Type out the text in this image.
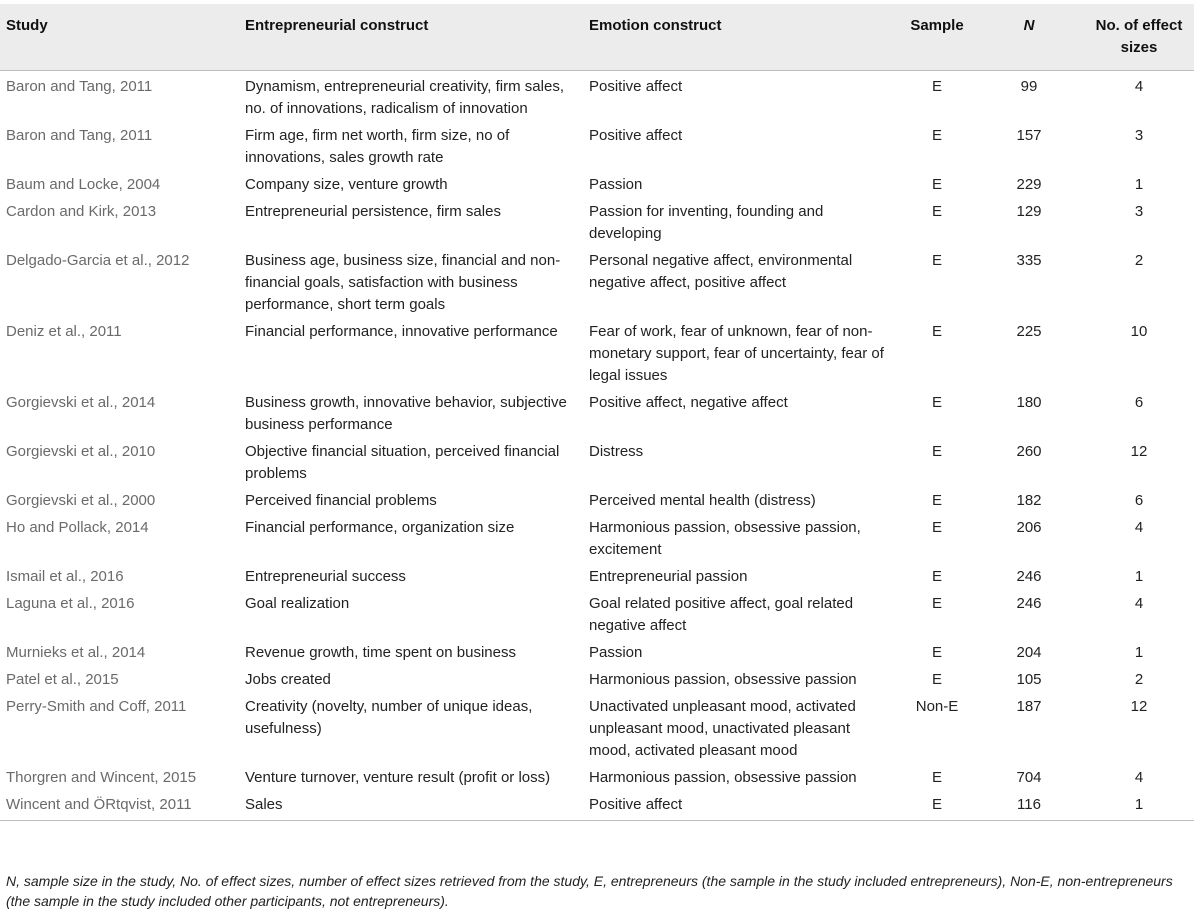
Study	Entrepreneurial construct	Emotion construct	Sample	N	No. of effect sizes
Baron and Tang, 2011	Dynamism, entrepreneurial creativity, firm sales, no. of innovations, radicalism of innovation	Positive affect	E	99	4
Baron and Tang, 2011	Firm age, firm net worth, firm size, no of innovations, sales growth rate	Positive affect	E	157	3
Baum and Locke, 2004	Company size, venture growth	Passion	E	229	1
Cardon and Kirk, 2013	Entrepreneurial persistence, firm sales	Passion for inventing, founding and developing	E	129	3
Delgado-Garcia et al., 2012	Business age, business size, financial and non-financial goals, satisfaction with business performance, short term goals	Personal negative affect, environmental negative affect, positive affect	E	335	2
Deniz et al., 2011	Financial performance, innovative performance	Fear of work, fear of unknown, fear of non-monetary support, fear of uncertainty, fear of legal issues	E	225	10
Gorgievski et al., 2014	Business growth, innovative behavior, subjective business performance	Positive affect, negative affect	E	180	6
Gorgievski et al., 2010	Objective financial situation, perceived financial problems	Distress	E	260	12
Gorgievski et al., 2000	Perceived financial problems	Perceived mental health (distress)	E	182	6
Ho and Pollack, 2014	Financial performance, organization size	Harmonious passion, obsessive passion, excitement	E	206	4
Ismail et al., 2016	Entrepreneurial success	Entrepreneurial passion	E	246	1
Laguna et al., 2016	Goal realization	Goal related positive affect, goal related negative affect	E	246	4
Murnieks et al., 2014	Revenue growth, time spent on business	Passion	E	204	1
Patel et al., 2015	Jobs created	Harmonious passion, obsessive passion	E	105	2
Perry-Smith and Coff, 2011	Creativity (novelty, number of unique ideas, usefulness)	Unactivated unpleasant mood, activated unpleasant mood, unactivated pleasant mood, activated pleasant mood	Non-E	187	12
Thorgren and Wincent, 2015	Venture turnover, venture result (profit or loss)	Harmonious passion, obsessive passion	E	704	4
Wincent and ÖRtqvist, 2011	Sales	Positive affect	E	116	1
N, sample size in the study, No. of effect sizes, number of effect sizes retrieved from the study, E, entrepreneurs (the sample in the study included entrepreneurs), Non-E, non-entrepreneurs (the sample in the study included other participants, not entrepreneurs).
